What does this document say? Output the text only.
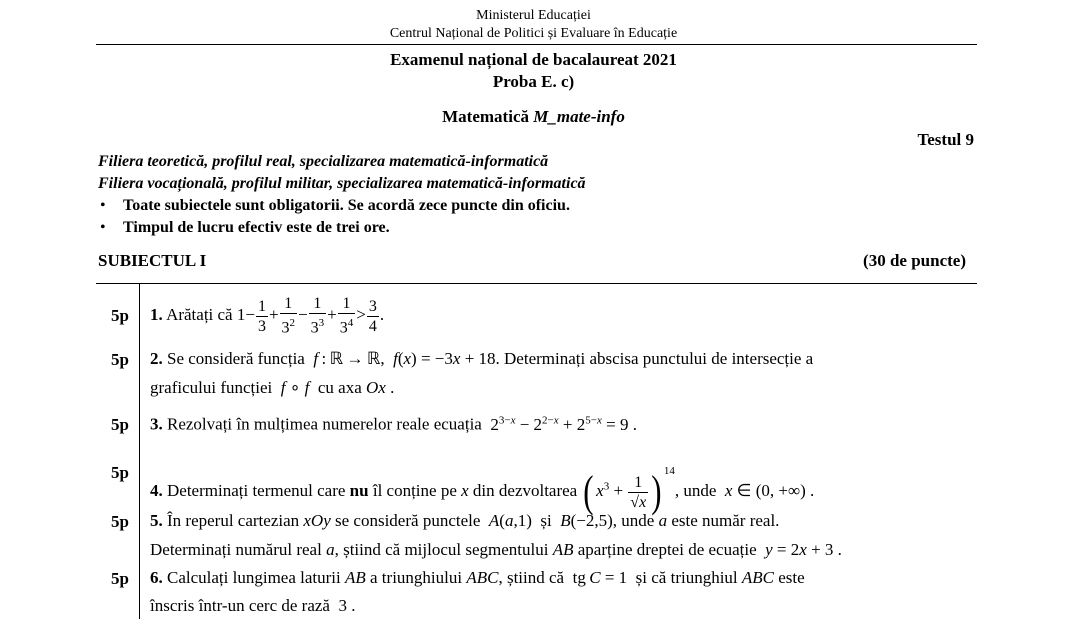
Ministerul Educației
Centrul Național de Politici și Evaluare în Educație
Examenul național de bacalaureat 2021
Proba E. c)
Matematică M_mate-info
Testul 9
Filiera teoretică, profilul real, specializarea matematică-informatică
Filiera vocațională, profilul militar, specializarea matematică-informatică
• Toate subiectele sunt obligatorii. Se acordă zece puncte din oficiu.
• Timpul de lucru efectiv este de trei ore.
SUBIECTUL I	(30 de puncte)
5p 1. Arătați că $1- \frac{1}{3} + \frac{1}{3^2} - \frac{1}{3^3} + \frac{1}{3^4} > \frac{3}{4}$ .
5p 2. Se consideră funcția f : ℝ → ℝ,  f(x) = −3x + 18. Determinați abscisa punctului de intersecție a
graficului funcției f ∘ f cu axa Ox .
5p 3. Rezolvați în mulțimea numerelor reale ecuația  $2^{3-x} - 2^{2-x} + 2^{5-x} = 9$ .
5p
4. Determinați termenul care nu îl conține pe x din dezvoltarea ( $x^3 + \frac{1}{√x}$ ) $^{14}$, unde x ∈ (0, +∞) .
5p 5. În reperul cartezian xOy se consideră punctele A(a,1)  și B(−2,5), unde a este număr real.
Determinați numărul real a, știind că mijlocul segmentului AB aparține dreptei de ecuație y = 2x + 3 .
5p 6. Calculați lungimea laturii AB a triunghiului ABC, știind că  tg C = 1  și că triunghiul ABC este
înscris într-un cerc de rază  3 .
